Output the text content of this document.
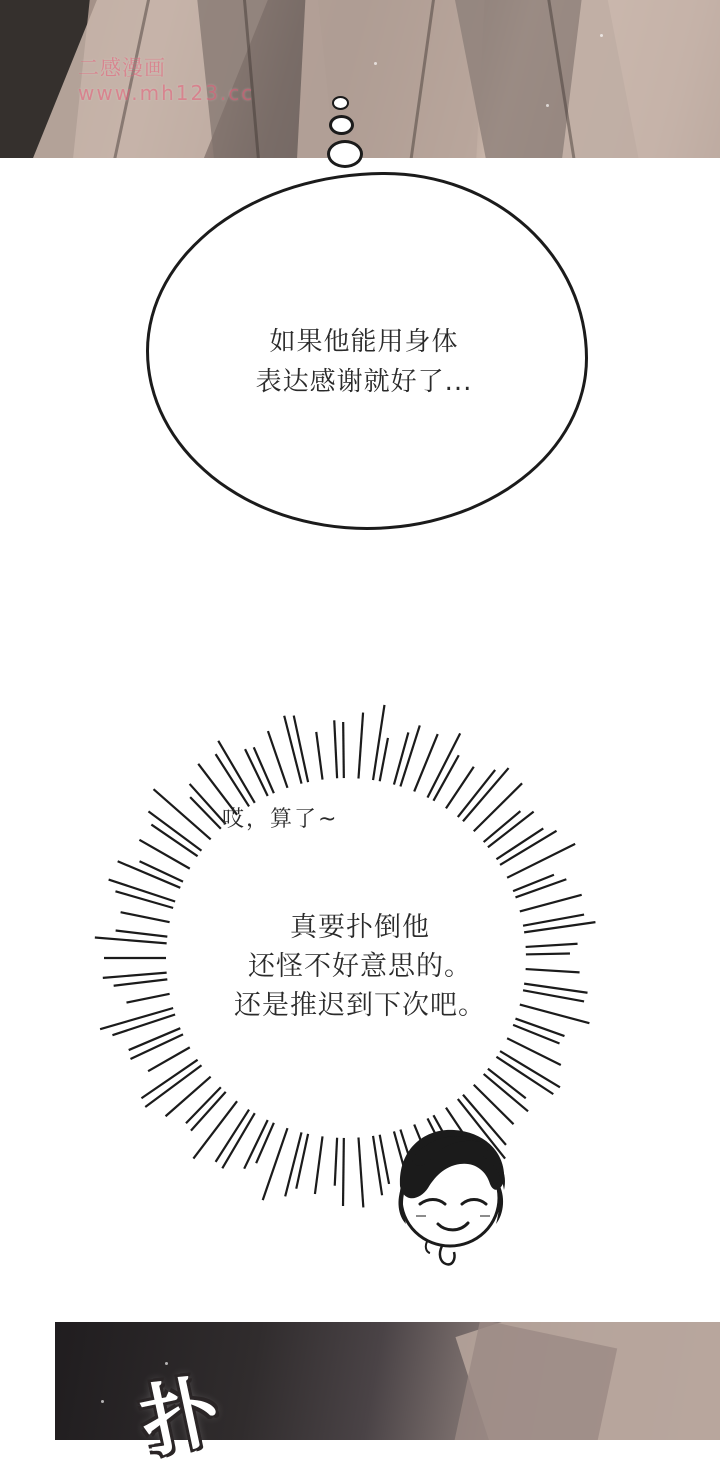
二感漫画
www.mh123.cc
如果他能用身体
表达感谢就好了...
哎，算了~
真要扑倒他
还怪不好意思的。
还是推迟到下次吧。
扑
